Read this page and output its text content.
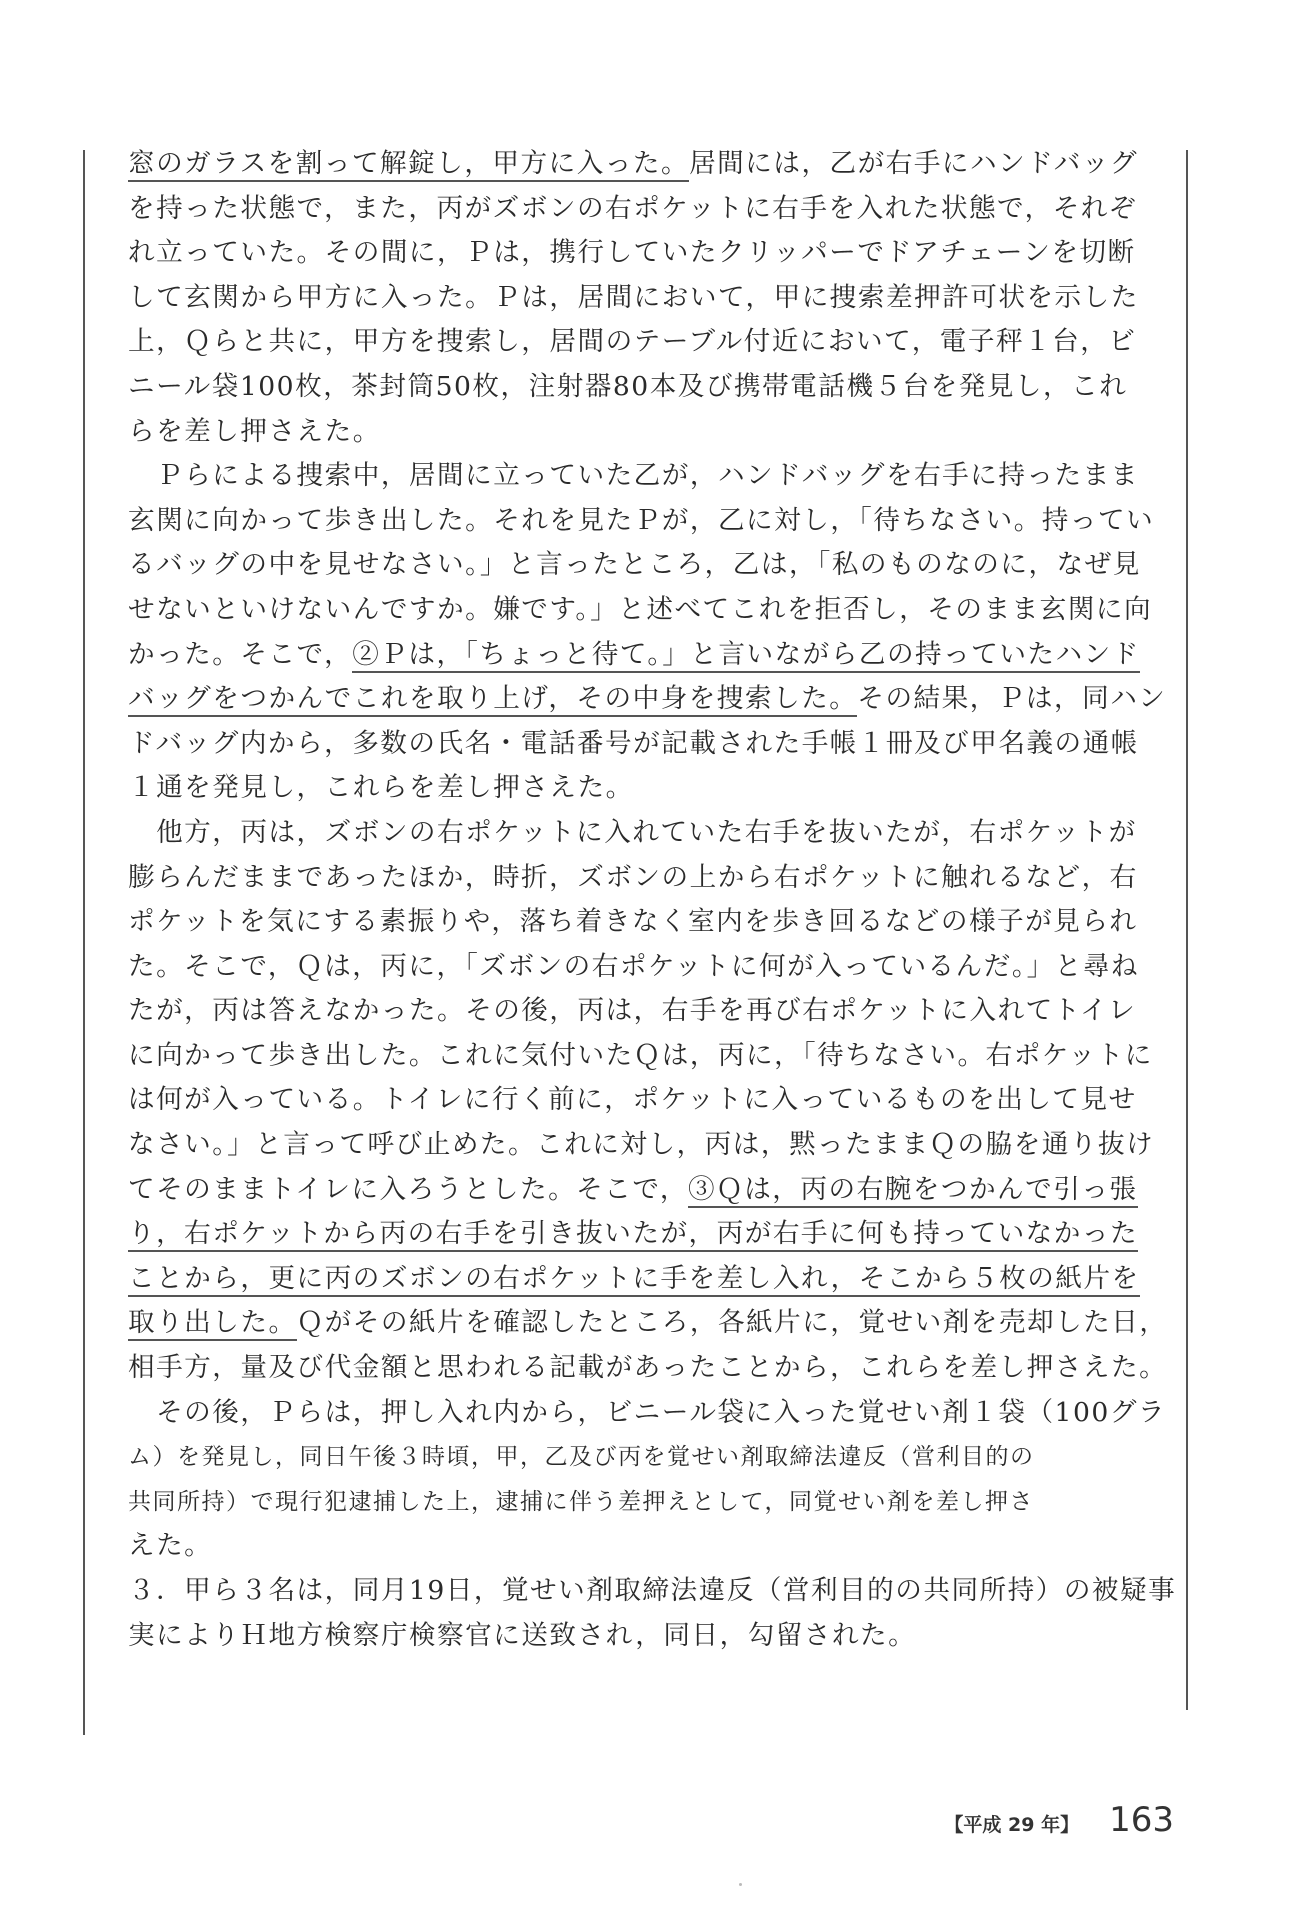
窓のガラスを割って解錠し，甲方に入った。居間には，乙が右手にハンドバッグ
を持った状態で，また，丙がズボンの右ポケットに右手を入れた状態で，それぞ
れ立っていた。その間に，Ｐは，携行していたクリッパーでドアチェーンを切断
して玄関から甲方に入った。Ｐは，居間において，甲に捜索差押許可状を示した
上，Ｑらと共に，甲方を捜索し，居間のテーブル付近において，電子秤１台，ビ
ニール袋100枚，茶封筒50枚，注射器80本及び携帯電話機５台を発見し，これ
らを差し押さえた。
　Ｐらによる捜索中，居間に立っていた乙が，ハンドバッグを右手に持ったまま
玄関に向かって歩き出した。それを見たＰが，乙に対し，「待ちなさい。持ってい
るバッグの中を見せなさい。」と言ったところ，乙は，「私のものなのに，なぜ見
せないといけないんですか。嫌です。」と述べてこれを拒否し，そのまま玄関に向
かった。そこで，②Ｐは，「ちょっと待て。」と言いながら乙の持っていたハンド
バッグをつかんでこれを取り上げ，その中身を捜索した。その結果，Ｐは，同ハン
ドバッグ内から，多数の氏名・電話番号が記載された手帳１冊及び甲名義の通帳
１通を発見し，これらを差し押さえた。
　他方，丙は，ズボンの右ポケットに入れていた右手を抜いたが，右ポケットが
膨らんだままであったほか，時折，ズボンの上から右ポケットに触れるなど，右
ポケットを気にする素振りや，落ち着きなく室内を歩き回るなどの様子が見られ
た。そこで，Ｑは，丙に，「ズボンの右ポケットに何が入っているんだ。」と尋ね
たが，丙は答えなかった。その後，丙は，右手を再び右ポケットに入れてトイレ
に向かって歩き出した。これに気付いたＱは，丙に，「待ちなさい。右ポケットに
は何が入っている。トイレに行く前に，ポケットに入っているものを出して見せ
なさい。」と言って呼び止めた。これに対し，丙は，黙ったままＱの脇を通り抜け
てそのままトイレに入ろうとした。そこで，③Ｑは，丙の右腕をつかんで引っ張
り，右ポケットから丙の右手を引き抜いたが，丙が右手に何も持っていなかった
ことから，更に丙のズボンの右ポケットに手を差し入れ，そこから５枚の紙片を
取り出した。Ｑがその紙片を確認したところ，各紙片に，覚せい剤を売却した日，
相手方，量及び代金額と思われる記載があったことから，これらを差し押さえた。
　その後，Ｐらは，押し入れ内から，ビニール袋に入った覚せい剤１袋（100グラ
ム）を発見し，同日午後３時頃，甲，乙及び丙を覚せい剤取締法違反（営利目的の
共同所持）で現行犯逮捕した上，逮捕に伴う差押えとして，同覚せい剤を差し押さ
えた。
３．甲ら３名は，同月19日，覚せい剤取締法違反（営利目的の共同所持）の被疑事
実によりＨ地方検察庁検察官に送致され，同日，勾留された。
【平成 29 年】 163
